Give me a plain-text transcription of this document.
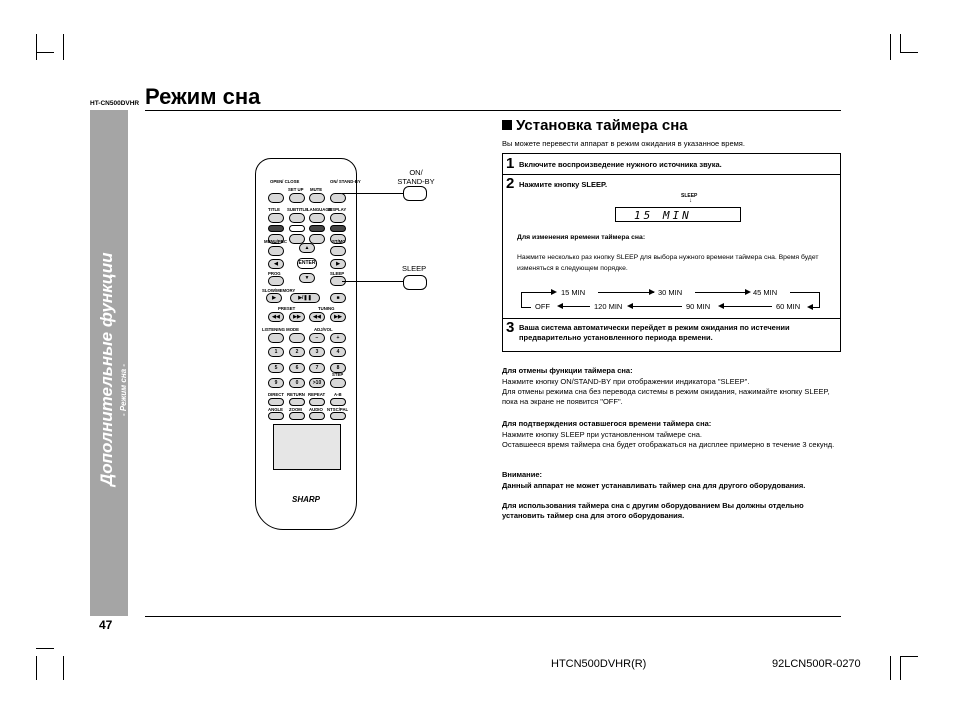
HT-CN500DVHR Режим сна
Дополнительные функции - Режим сна -
OPEN/ CLOSE
SET UP MUTE
ON/ STAND-BY
TITLE SUBTITLE
LANGUAGE
DISPLAY
MENU/PBC	ST/MO
▲
◀	ENTER	▶
PROG	SLEEP
▼
SLOW/MEMORY
▶	▶/❚❚	■
PRESET	TUNING
◀◀	▶▶	◀◀	▶▶
LISTENING MODE	ADJ/VOL
−	+
1	2	3	4
5	6	7	8
STEP
9	0	>10
DIRECT RETURN REPEAT A-B
ANGLE ZOOM AUDIO NTSC/PAL
SHARP
ON/ STAND-BY
SLEEP
Установка таймера сна
Вы можете перевести аппарат в режим ожидания в указанное время.
1 Включите воспроизведение нужного источника звука.
2 Нажмите кнопку SLEEP.
SLEEP
↓
15 MIN
Для изменения времени таймера сна:
Нажмите несколько раз кнопку SLEEP для выбора нужного времени таймера сна. Время будет изменяться в следующем порядке.
15 MIN	30 MIN	45 MIN
OFF	120 MIN	90 MIN	60 MIN
3 Ваша система автоматически перейдет в режим ожидания по истечении предварительно установленного периода времени.
Для отмены функции таймера сна:
Нажмите кнопку ON/STAND-BY при отображении индикатора "SLEEP".
Для отмены режима сна без перевода системы в режим ожидания, нажимайте кнопку SLEEP, пока на экране не появится "OFF".
Для подтверждения оставшегося времени таймера сна:
Нажмите кнопку SLEEP при установленном таймере сна.
Оставшееся время таймера сна будет отображаться на дисплее примерно в течение 3 секунд.
Внимание:
Данный аппарат не может устанавливать таймер сна для другого оборудования.
Для использования таймера сна с другим оборудованием Вы должны отдельно установить таймер сна для этого оборудования.
47
HTCN500DVHR(R)	92LCN500R-0270
